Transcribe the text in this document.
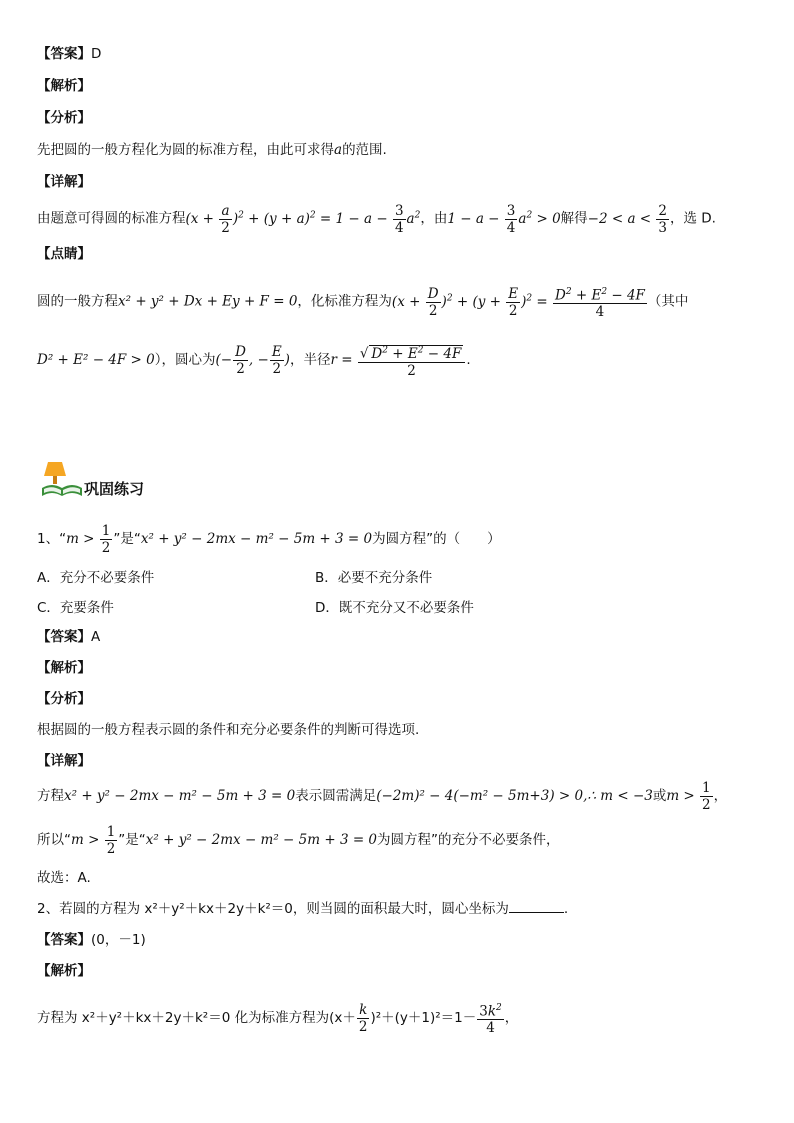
【答案】D
【解析】
【分析】
先把圆的一般方程化为圆的标准方程，由此可求得a的范围.
【详解】
由题意可得圆的标准方程$(x + \frac{a}{2} )^2 + (y + a)^2 = 1 - a - \frac{3}{4} a^2$，由$1 - a - \frac{3}{4} a^2 > 0$解得$-2 < a < \frac{2}{3}$ ，选 D.
【点睛】
圆的一般方程x² + y² + Dx + Ey + F = 0，化标准方程为$(x + \frac{D}{2} )^2 + (y + \frac{E}{2} )^2 = \frac{D^2 + E^2 - 4F}{4}$ （其中
D² + E² − 4F > 0），圆心为(− $\frac{D}{2}$ , − $\frac{E}{2}$ )，半径$r = \frac{√ D^2 + E^2 - 4F}{2}$ .
巩固练习
1、“$m > \frac{1}{2}$ ”是“x² + y² − 2mx − m² − 5m + 3 = 0为圆方程”的（　　）
A．充分不必要条件	B．必要不充分条件
C．充要条件	D．既不充分又不必要条件
【答案】A
【解析】
【分析】
根据圆的一般方程表示圆的条件和充分必要条件的判断可得选项.
【详解】
方程x² + y² − 2mx − m² − 5m + 3 = 0表示圆需满足(−2m)² − 4(−m² − 5m+3) > 0,∴ m < −3或$m > \frac{1}{2}$ ，
所以“$m > \frac{1}{2}$ ”是“x² + y² − 2mx − m² − 5m + 3 = 0为圆方程”的充分不必要条件，
故选：A.
2、若圆的方程为 x²＋y²＋kx＋2y＋k²＝0，则当圆的面积最大时，圆心坐标为	.
【答案】(0，－1)
【解析】
方程为 x²＋y²＋kx＋2y＋k²＝0 化为标准方程为$(x+ \frac{k}{2} )^2+(y+1)^2=1- \frac{3k^2}{4}$ ，
